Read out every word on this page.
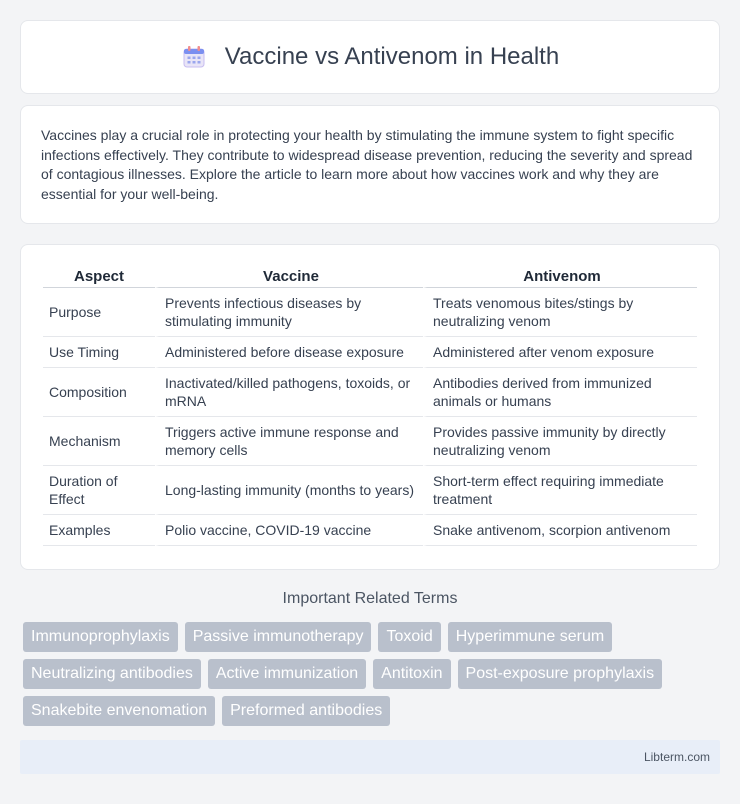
Vaccine vs Antivenom in Health

Vaccines play a crucial role in protecting your health by stimulating the immune system to fight specific infections effectively. They contribute to widespread disease prevention, reducing the severity and spread of contagious illnesses. Explore the article to learn more about how vaccines work and why they are essential for your well-being.

Aspect	Vaccine	Antivenom
Purpose	Prevents infectious diseases by stimulating immunity	Treats venomous bites/stings by neutralizing venom
Use Timing	Administered before disease exposure	Administered after venom exposure
Composition	Inactivated/killed pathogens, toxoids, or mRNA	Antibodies derived from immunized animals or humans
Mechanism	Triggers active immune response and memory cells	Provides passive immunity by directly neutralizing venom
Duration of Effect	Long-lasting immunity (months to years)	Short-term effect requiring immediate treatment
Examples	Polio vaccine, COVID-19 vaccine	Snake antivenom, scorpion antivenom
Important Related Terms
Immunoprophylaxis	Passive immunotherapy	Toxoid	Hyperimmune serum
Neutralizing antibodies	Active immunization	Antitoxin	Post-exposure prophylaxis
Snakebite envenomation	Preformed antibodies
Libterm.com
